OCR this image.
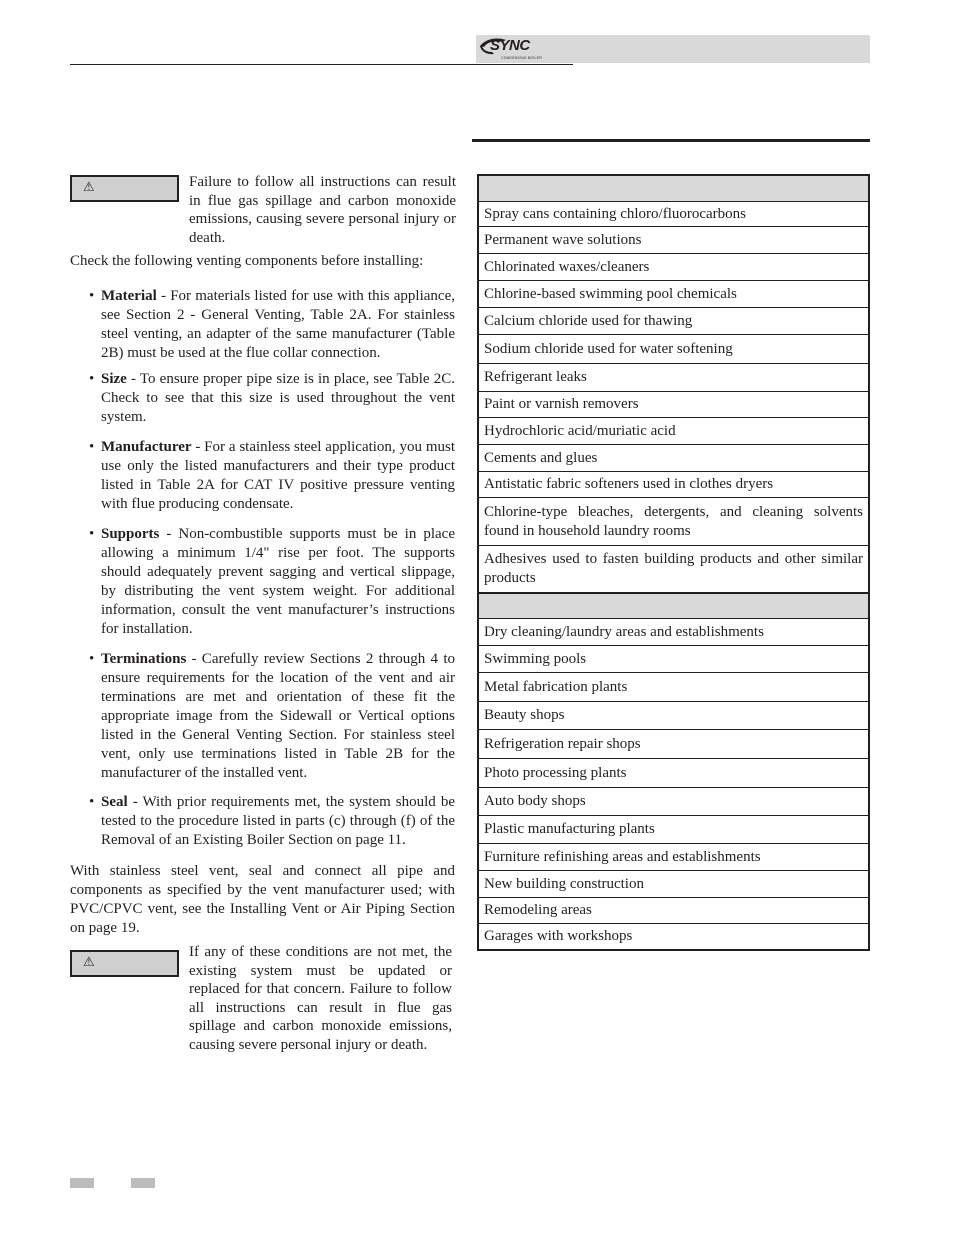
SYNC
CONDENSING BOILER
⚠	Failure to follow all instructions can result in flue gas spillage and carbon monoxide emissions, causing severe personal injury or death.
Check the following venting components before installing:
• Material - For materials listed for use with this appliance, see Section 2 - General Venting, Table 2A. For stainless steel venting, an adapter of the same manufacturer (Table 2B) must be used at the flue collar connection.
• Size - To ensure proper pipe size is in place, see Table 2C. Check to see that this size is used throughout the vent system.
• Manufacturer - For a stainless steel application, you must use only the listed manufacturers and their type product listed in Table 2A for CAT IV positive pressure venting with flue producing condensate.
• Supports - Non-combustible supports must be in place allowing a minimum 1/4" rise per foot. The supports should adequately prevent sagging and vertical slippage, by distributing the vent system weight. For additional information, consult the vent manufacturer’s instructions for installation.
• Terminations - Carefully review Sections 2 through 4 to ensure requirements for the location of the vent and air terminations are met and orientation of these fit the appropriate image from the Sidewall or Vertical options listed in the General Venting Section. For stainless steel vent, only use terminations listed in Table 2B for the manufacturer of the installed vent.
• Seal - With prior requirements met, the system should be tested to the procedure listed in parts (c) through (f) of the Removal of an Existing Boiler Section on page 11.
With stainless steel vent, seal and connect all pipe and components as specified by the vent manufacturer used; with PVC/CPVC vent, see the Installing Vent or Air Piping Section on page 19.
⚠
If any of these conditions are not met, the existing system must be updated or replaced for that concern. Failure to follow all instructions can result in flue gas spillage and carbon monoxide emissions, causing severe personal injury or death.
Spray cans containing chloro/fluorocarbons
Permanent wave solutions
Chlorinated waxes/cleaners
Chlorine-based swimming pool chemicals
Calcium chloride used for thawing
Sodium chloride used for water softening
Refrigerant leaks
Paint or varnish removers
Hydrochloric acid/muriatic acid
Cements and glues
Antistatic fabric softeners used in clothes dryers
Chlorine-type bleaches, detergents, and cleaning solvents found in household laundry rooms
Adhesives used to fasten building products and other similar products
Dry cleaning/laundry areas and establishments
Swimming pools
Metal fabrication plants
Beauty shops
Refrigeration repair shops
Photo processing plants
Auto body shops
Plastic manufacturing plants
Furniture refinishing areas and establishments
New building construction
Remodeling areas
Garages with workshops
